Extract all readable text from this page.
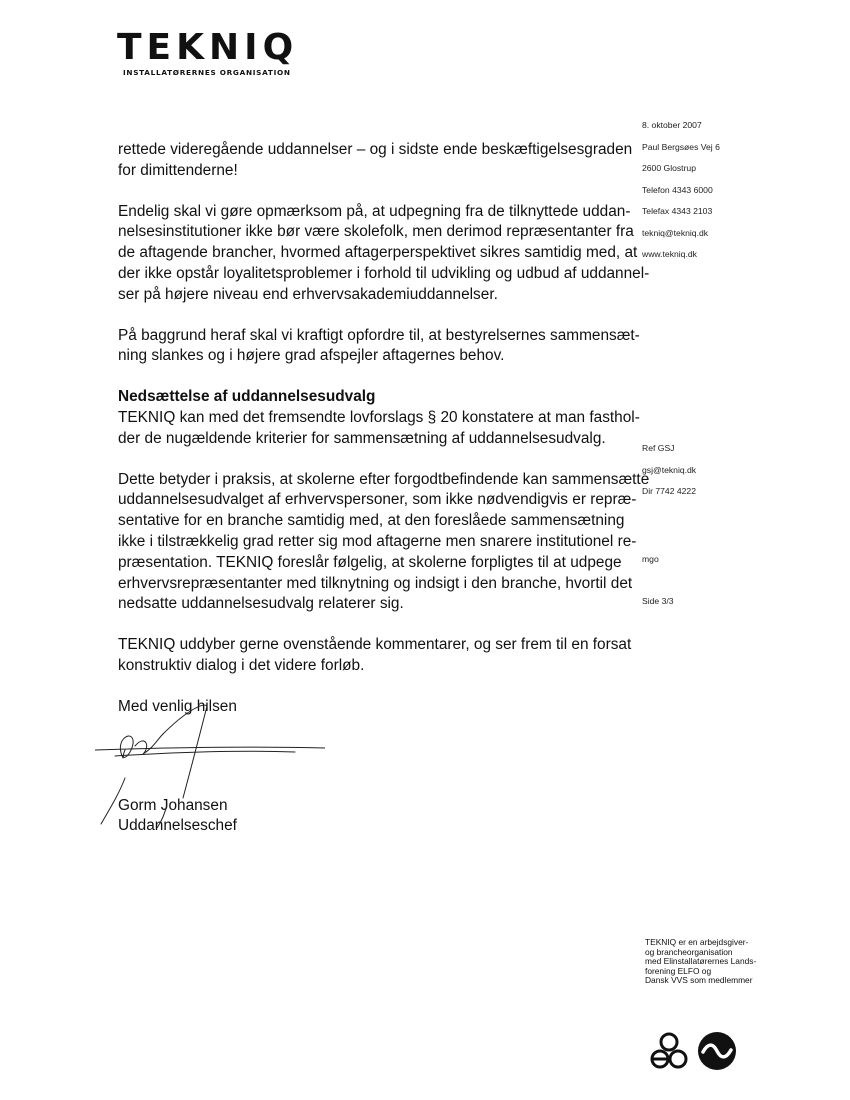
TEKNIQ
INSTALLATØRERNES ORGANISATION

rettede videregående uddannelser – og i sidste ende beskæftigelsesgraden
for dimittenderne!

Endelig skal vi gøre opmærksom på, at udpegning fra de tilknyttede uddan-
nelsesinstitutioner ikke bør være skolefolk, men derimod repræsentanter fra
de aftagende brancher, hvormed aftagerperspektivet sikres samtidig med, at
der ikke opstår loyalitetsproblemer i forhold til udvikling og udbud af uddannel-
ser på højere niveau end erhvervsakademiuddannelser.

På baggrund heraf skal vi kraftigt opfordre til, at bestyrelsernes sammensæt-
ning slankes og i højere grad afspejler aftagernes behov.

Nedsættelse af uddannelsesudvalg
TEKNIQ kan med det fremsendte lovforslags § 20 konstatere at man fasthol-
der de nugældende kriterier for sammensætning af uddannelsesudvalg.

Dette betyder i praksis, at skolerne efter forgodtbefindende kan sammensætte
uddannelsesudvalget af erhvervspersoner, som ikke nødvendigvis er repræ-
sentative for en branche samtidig med, at den foreslåede sammensætning
ikke i tilstrækkelig grad retter sig mod aftagerne men snarere institutionel re-
præsentation. TEKNIQ foreslår følgelig, at skolerne forpligtes til at udpege
erhvervsrepræsentanter med tilknytning og indsigt i den branche, hvortil det
nedsatte uddannelsesudvalg relaterer sig.

TEKNIQ uddyber gerne ovenstående kommentarer, og ser frem til en forsat
konstruktiv dialog i det videre forløb.

Med venlig hilsen

Gorm Johansen
Uddannelseschef
8. oktober 2007
Paul Bergsøes Vej 6
2600 Glostrup
Telefon 4343 6000
Telefax 4343 2103
tekniq@tekniq.dk
www.tekniq.dk
Ref GSJ
gsj@tekniq.dk
Dir 7742 4222
mgo
Side 3/3
TEKNIQ er en arbejdsgiver-
og brancheorganisation
med Elinstallatørernes Lands-
forening ELFO og
Dansk VVS som medlemmer
